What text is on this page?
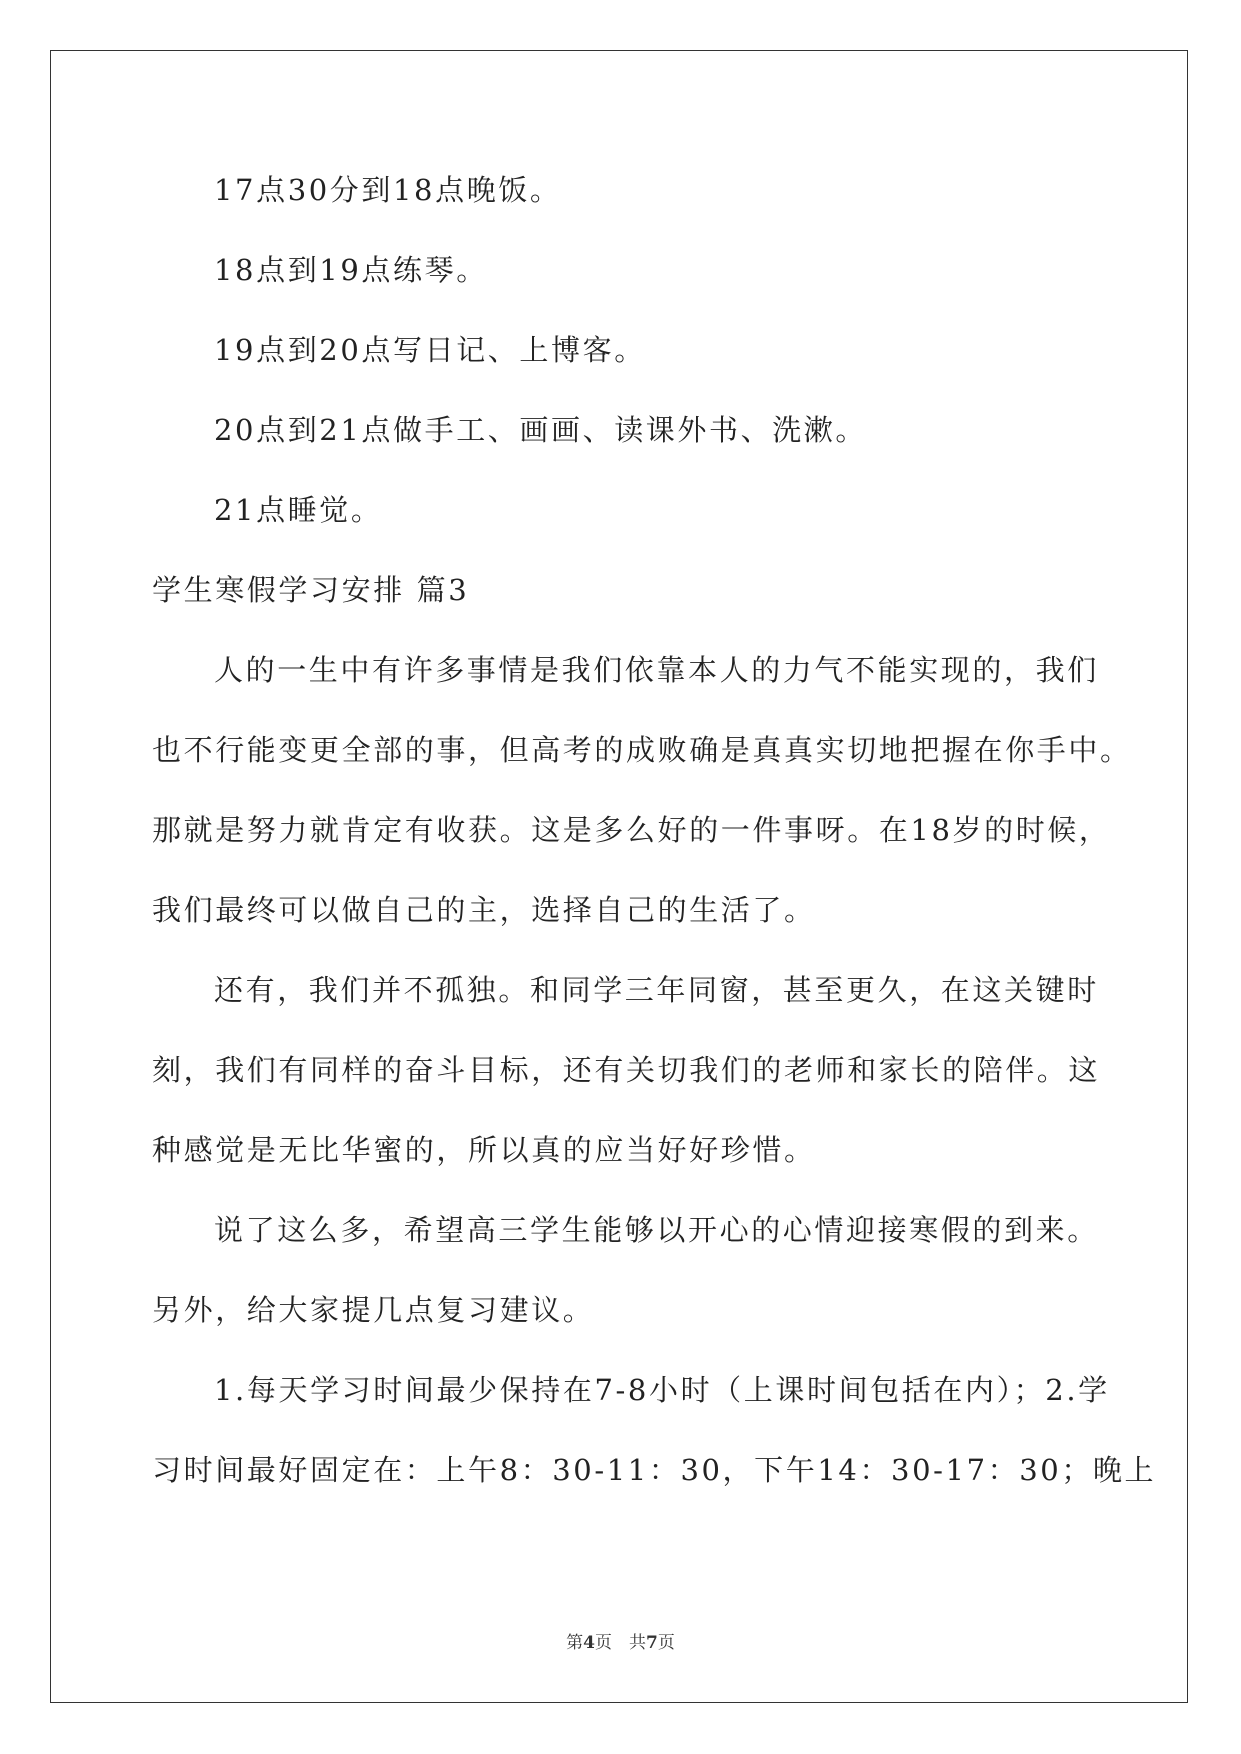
17点30分到18点晚饭。
18点到19点练琴。
19点到20点写日记、上博客。
20点到21点做手工、画画、读课外书、洗漱。
21点睡觉。
学生寒假学习安排 篇3
人的一生中有许多事情是我们依靠本人的力气不能实现的，我们
也不行能变更全部的事，但高考的成败确是真真实切地把握在你手中。
那就是努力就肯定有收获。这是多么好的一件事呀。在18岁的时候，
我们最终可以做自己的主，选择自己的生活了。
还有，我们并不孤独。和同学三年同窗，甚至更久，在这关键时
刻，我们有同样的奋斗目标，还有关切我们的老师和家长的陪伴。这
种感觉是无比华蜜的，所以真的应当好好珍惜。
说了这么多，希望高三学生能够以开心的心情迎接寒假的到来。
另外，给大家提几点复习建议。
1.每天学习时间最少保持在7-8小时（上课时间包括在内）；2.学
习时间最好固定在：上午8：30-11：30，下午14：30-17：30；晚上
第4页　共7页
